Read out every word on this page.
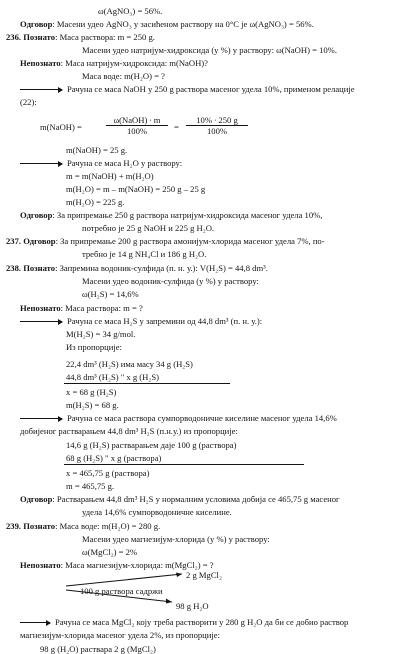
ω(AgNO₃) = 56%.
Одговор: Масени удео AgNO₃ у засићеном раствору на 0°C је ω(AgNO₃) = 56%.
236. Познато: Маса раствора: m = 250 g.
Масени удео натријум-хидроксида (у %) у раствору: ω(NaOH) = 10%.
Непознато: Маса натријум-хидроксида: m(NaOH)?
Маса воде: m(H₂O) = ?
Рачуна се маса NaOH у 250 g раствора масеног удела 10%, применом релације
(22):
m(NaOH) =
ω(NaOH) ∙ m
100%	= $\frac{10\% \cdot 250 g}{100\%}$
m(NaOH) = 25 g.
Рачуна се маса H₂O у раствору:
m = m(NaOH) + m(H₂O)
m(H₂O) = m – m(NaOH) = 250 g – 25 g
m(H₂O) = 225 g.
Одговор: За припремање 250 g раствора натријум-хидроксида масеног удела 10%,
потребно је 25 g NaOH и 225 g H₂O.
237. Одговор: За припремање 200 g раствора амонијум-хлорида масеног удела 7%, по-
требно је 14 g NH₄Cl и 186 g H₂O.
238. Познато: Запремина водоник-сулфида (п. н. у.): V(H₂S) = 44,8 dm³.
Масени удео водоник-сулфида (у %) у раствору:
ω(H₂S) = 14,6%
Непознато: Маса раствора: m = ?
Рачуна се маса H₂S у запремини од 44,8 dm³ (п. н. у.):
M(H₂S) = 34 g/mol.
Из пропорције:
22,4 dm³ (H₂S) има масу 34 g (H₂S)
44,8 dm³ (H₂S) " x g (H₂S)
x = 68 g (H₂S)
m(H₂S) = 68 g.
Рачуна се маса раствора сумпорводоничне киселине масеног удела 14,6%
добијеног растварањем 44,8 dm³ H₂S (п.н.у.) из пропорције:
14,6 g (H₂S) растварањем даје 100 g (раствора)
68 g (H₂S) " x g (раствора)
x = 465,75 g (раствора)
m = 465,75 g.
Одговор: Растварањем 44,8 dm³ H₂S у нормалним условима добија се 465,75 g масеног
удела 14,6% сумпорводоничне киселине.
239. Познато: Маса воде: m(H₂O) = 280 g.
Масени удео магнезијум-хлорида (у %) у раствору:
ω(MgCl₂) = 2%
Непознато: Маса магнезијум-хлорида: m(MgCl₂) = ?
2 g MgCl₂
100 g раствора садржи
98 g H₂O
Рачуна се маса MgCl₂ коју треба растворити у 280 g H₂O да би се добио раствор
магнезијум-хлорида масеног удела 2%, из пропорције:
98 g (H₂O) раствара 2 g (MgCl₂)
